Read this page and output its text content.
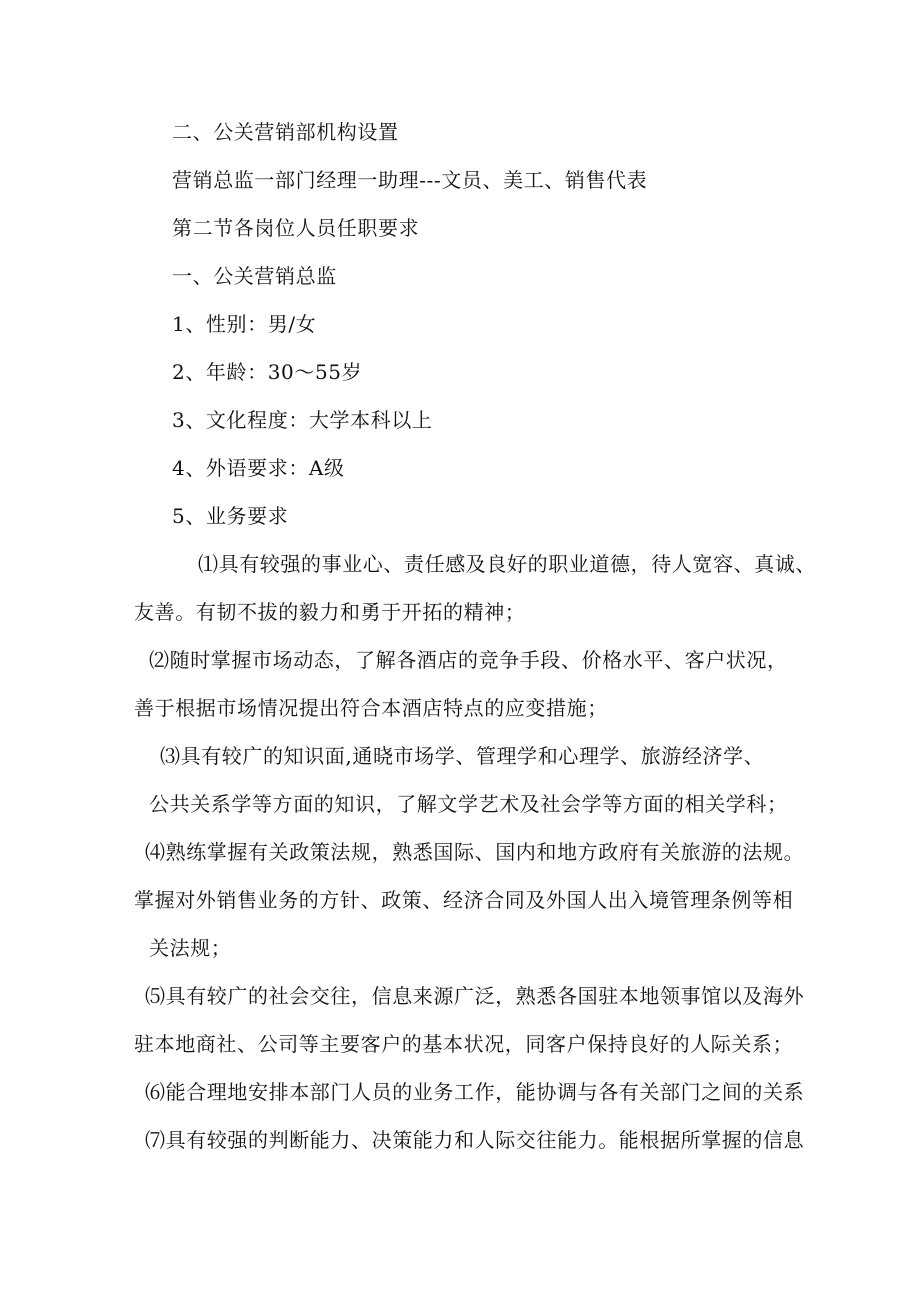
二、公关营销部机构设置
营销总监一部门经理一助理---文员、美工、销售代表
第二节各岗位人员任职要求
一、公关营销总监
1、性别：男/女
2、年龄：30～55岁
3、文化程度：大学本科以上
4、外语要求：A级
5、业务要求
⑴具有较强的事业心、责任感及良好的职业道德，待人宽容、真诚、
友善。有韧不拔的毅力和勇于开拓的精神；
⑵随时掌握市场动态，了解各酒店的竞争手段、价格水平、客户状况，
善于根据市场情况提出符合本酒店特点的应变措施；
⑶具有较广的知识面,通晓市场学、管理学和心理学、旅游经济学、
公共关系学等方面的知识，了解文学艺术及社会学等方面的相关学科；
⑷熟练掌握有关政策法规，熟悉国际、国内和地方政府有关旅游的法规。
掌握对外销售业务的方针、政策、经济合同及外国人出入境管理条例等相
关法规；
⑸具有较广的社会交往，信息来源广泛，熟悉各国驻本地领事馆以及海外
驻本地商社、公司等主要客户的基本状况，同客户保持良好的人际关系；
⑹能合理地安排本部门人员的业务工作，能协调与各有关部门之间的关系
⑺具有较强的判断能力、决策能力和人际交往能力。能根据所掌握的信息
